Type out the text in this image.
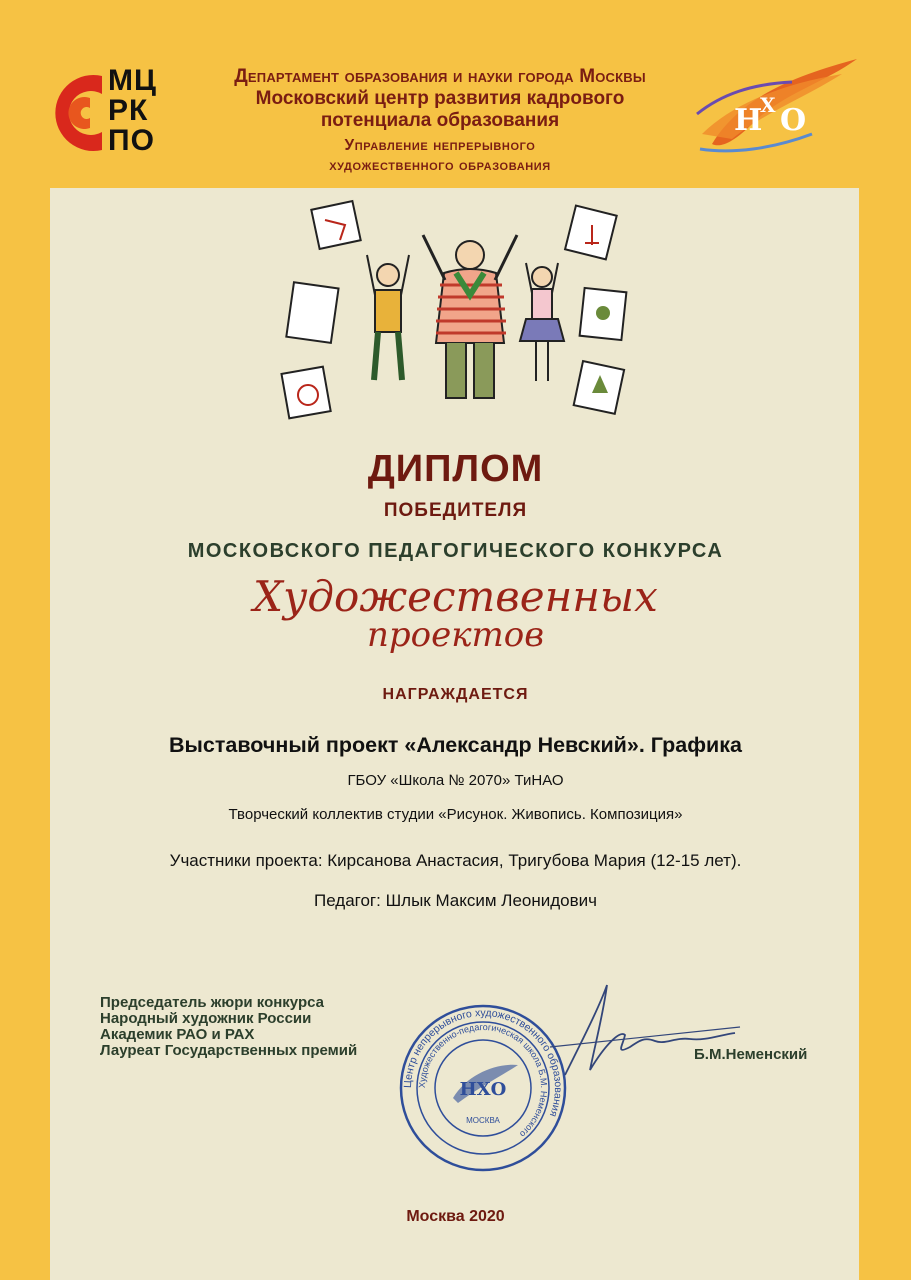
МЦ
РК
ПО
Департамент образования и науки города Москвы
Московский центр развития кадрового
потенциала образования
Управление непрерывного
художественного образования
Н
Х О
ДИПЛОМ
ПОБЕДИТЕЛЯ
МОСКОВСКОГО ПЕДАГОГИЧЕСКОГО КОНКУРСА
Художественных
проектов
НАГРАЖДАЕТСЯ
Выставочный проект «Александр Невский». Графика
ГБОУ «Школа № 2070» ТиНАО
Творческий коллектив студии «Рисунок. Живопись. Композиция»
Участники проекта: Кирсанова Анастасия, Тригубова Мария (12-15 лет).
Педагог: Шлык Максим Леонидович
Председатель жюри конкурса
Народный художник России
Академик РАО и РАХ
Лауреат Государственных премий
Центр непрерывного художественного образования
Художественно-педагогическая школа Б.М. Неменского
НХО
МОСКВА
Б.М.Неменский
Москва 2020
